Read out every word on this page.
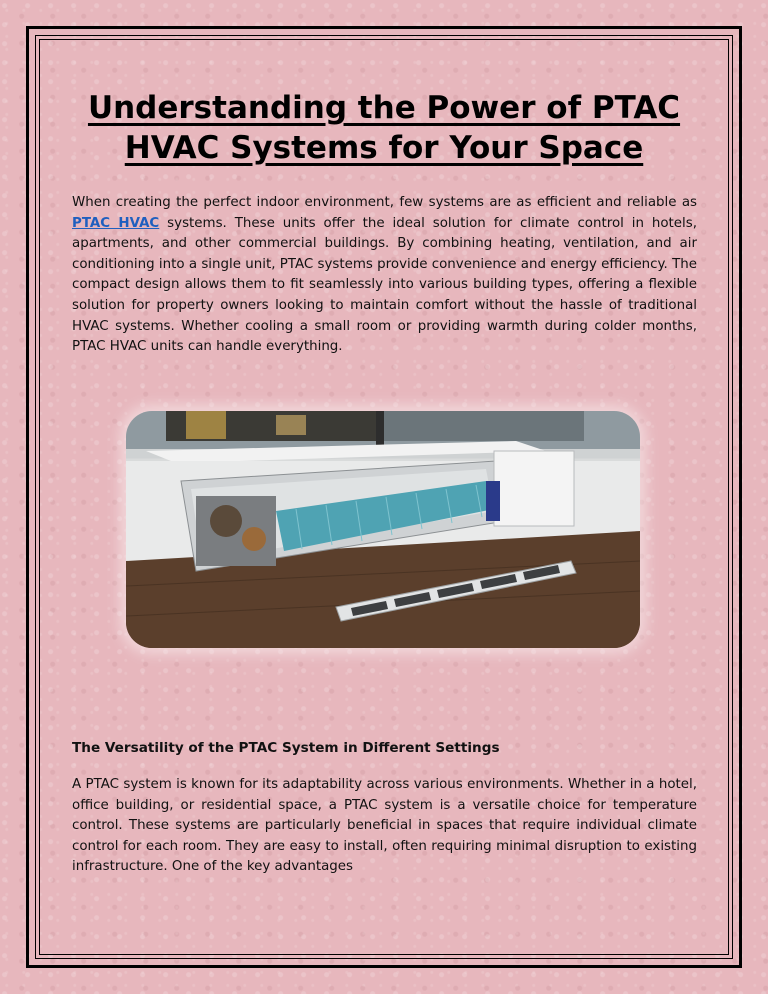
Understanding the Power of PTAC HVAC Systems for Your Space

When creating the perfect indoor environment, few systems are as efficient and reliable as PTAC HVAC systems. These units offer the ideal solution for climate control in hotels, apartments, and other commercial buildings. By combining heating, ventilation, and air conditioning into a single unit, PTAC systems provide convenience and energy efficiency. The compact design allows them to fit seamlessly into various building types, offering a flexible solution for property owners looking to maintain comfort without the hassle of traditional HVAC systems. Whether cooling a small room or providing warmth during colder months, PTAC HVAC units can handle everything.

The Versatility of the PTAC System in Different Settings

A PTAC system is known for its adaptability across various environments. Whether in a hotel, office building, or residential space, a PTAC system is a versatile choice for temperature control. These systems are particularly beneficial in spaces that require individual climate control for each room. They are easy to install, often requiring minimal disruption to existing infrastructure. One of the key advantages
